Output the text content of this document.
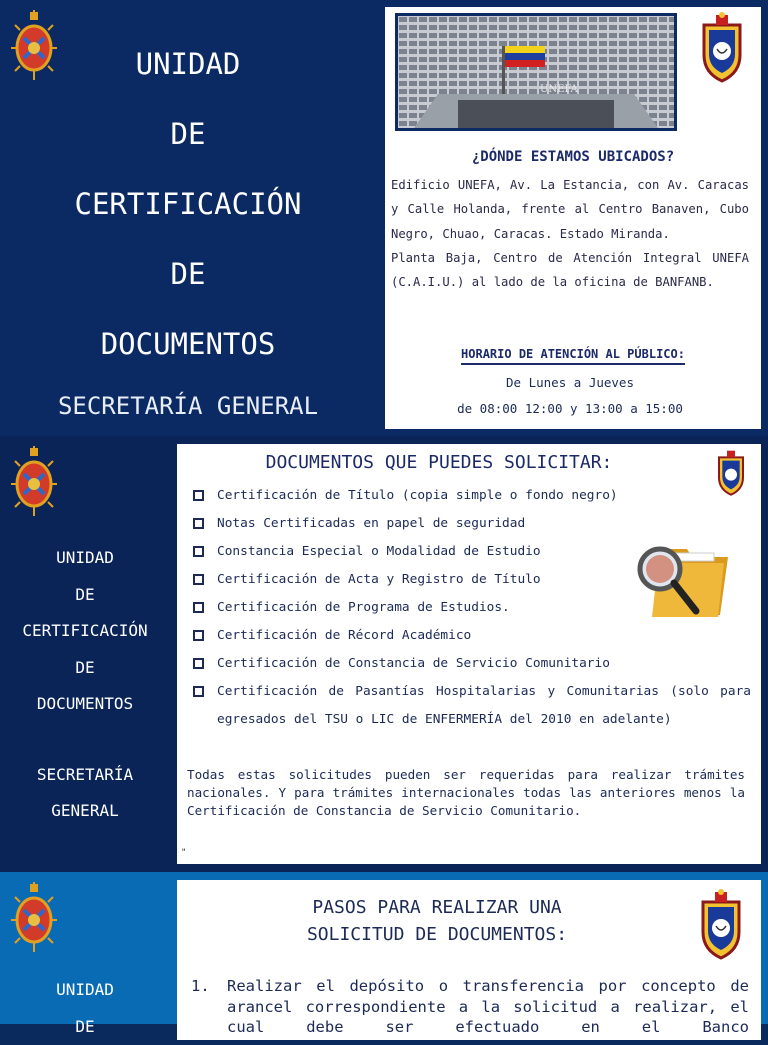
UNIDAD
DE
CERTIFICACIÓN
DE
DOCUMENTOS
SECRETARÍA GENERAL
UNEFA
¿DÓNDE ESTAMOS UBICADOS?

Edificio UNEFA, Av. La Estancia, con Av. Caracas y Calle Holanda, frente al Centro Banaven, Cubo Negro, Chuao, Caracas. Estado Miranda.

Planta Baja, Centro de Atención Integral UNEFA (C.A.I.U.) al lado de la oficina de BANFANB.

HORARIO DE ATENCIÓN AL PÚBLICO:
De Lunes a Jueves
de 08:00 12:00 y 13:00 a 15:00
UNIDAD
DE
CERTIFICACIÓN
DE
DOCUMENTOS
SECRETARÍA
GENERAL
DOCUMENTOS QUE PUEDES SOLICITAR:
Certificación de Título (copia simple o fondo negro)
Notas Certificadas en papel de seguridad
Constancia Especial o Modalidad de Estudio
Certificación de Acta y Registro de Título
Certificación de Programa de Estudios.
Certificación de Récord Académico
Certificación de Constancia de Servicio Comunitario
Certificación de Pasantías Hospitalarias y Comunitarias (solo para egresados del TSU o LIC de ENFERMERÍA del 2010 en adelante)
Todas estas solicitudes pueden ser requeridas para realizar trámites nacionales. Y para trámites internacionales todas las anteriores menos la Certificación de Constancia de Servicio Comunitario.
"
UNIDAD
DE
PASOS PARA REALIZAR UNA
SOLICITUD DE DOCUMENTOS:
1.	Realizar el depósito o transferencia por concepto de arancel correspondiente a la solicitud a realizar, el cual debe ser efectuado en el Banco
